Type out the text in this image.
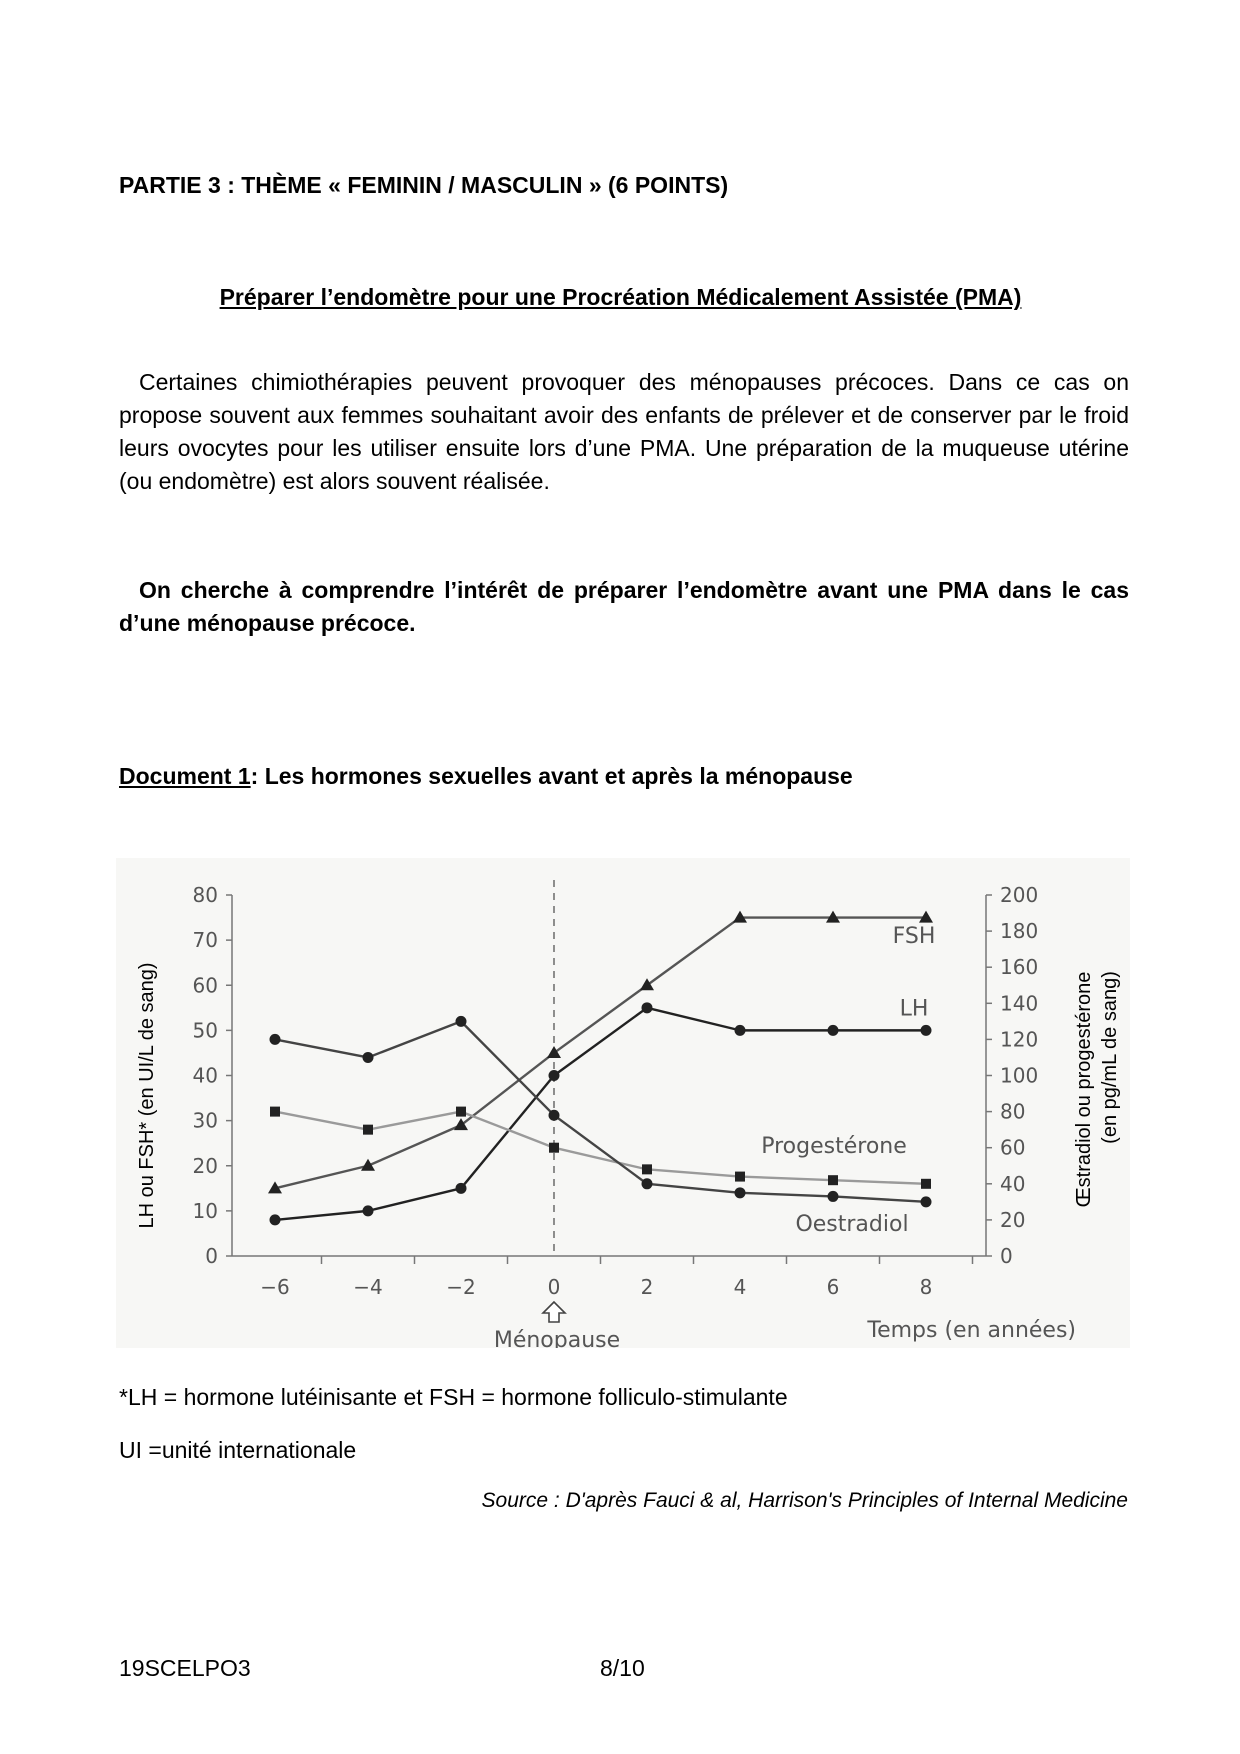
PARTIE 3 : THÈME « FEMININ / MASCULIN » (6 POINTS)
Préparer l’endomètre pour une Procréation Médicalement Assistée (PMA)
Certaines chimiothérapies peuvent provoquer des ménopauses précoces. Dans ce cas on propose souvent aux femmes souhaitant avoir des enfants de prélever et de conserver par le froid leurs ovocytes pour les utiliser ensuite lors d’une PMA. Une préparation de la muqueuse utérine (ou endomètre) est alors souvent réalisée.
On cherche à comprendre l’intérêt de préparer l’endomètre avant une PMA dans le cas d’une ménopause précoce.
Document 1: Les hormones sexuelles avant et après la ménopause
0
10
20
30
40
50
60
70
80
0
20
40
60
80
100
120
140
160
180
200
−6	−4	−2	0	2	4	6	8
Ménopause	Temps (en années)
LH ou FSH* (en UI/L de sang)	Œstradiol ou progestérone (en pg/mL de sang)
FSH
LH
Progestérone
Oestradiol
*LH = hormone lutéinisante et FSH = hormone folliculo-stimulante
UI =unité internationale
Source : D'après Fauci & al, Harrison's Principles of Internal Medicine
19SCELPO3	8/10
